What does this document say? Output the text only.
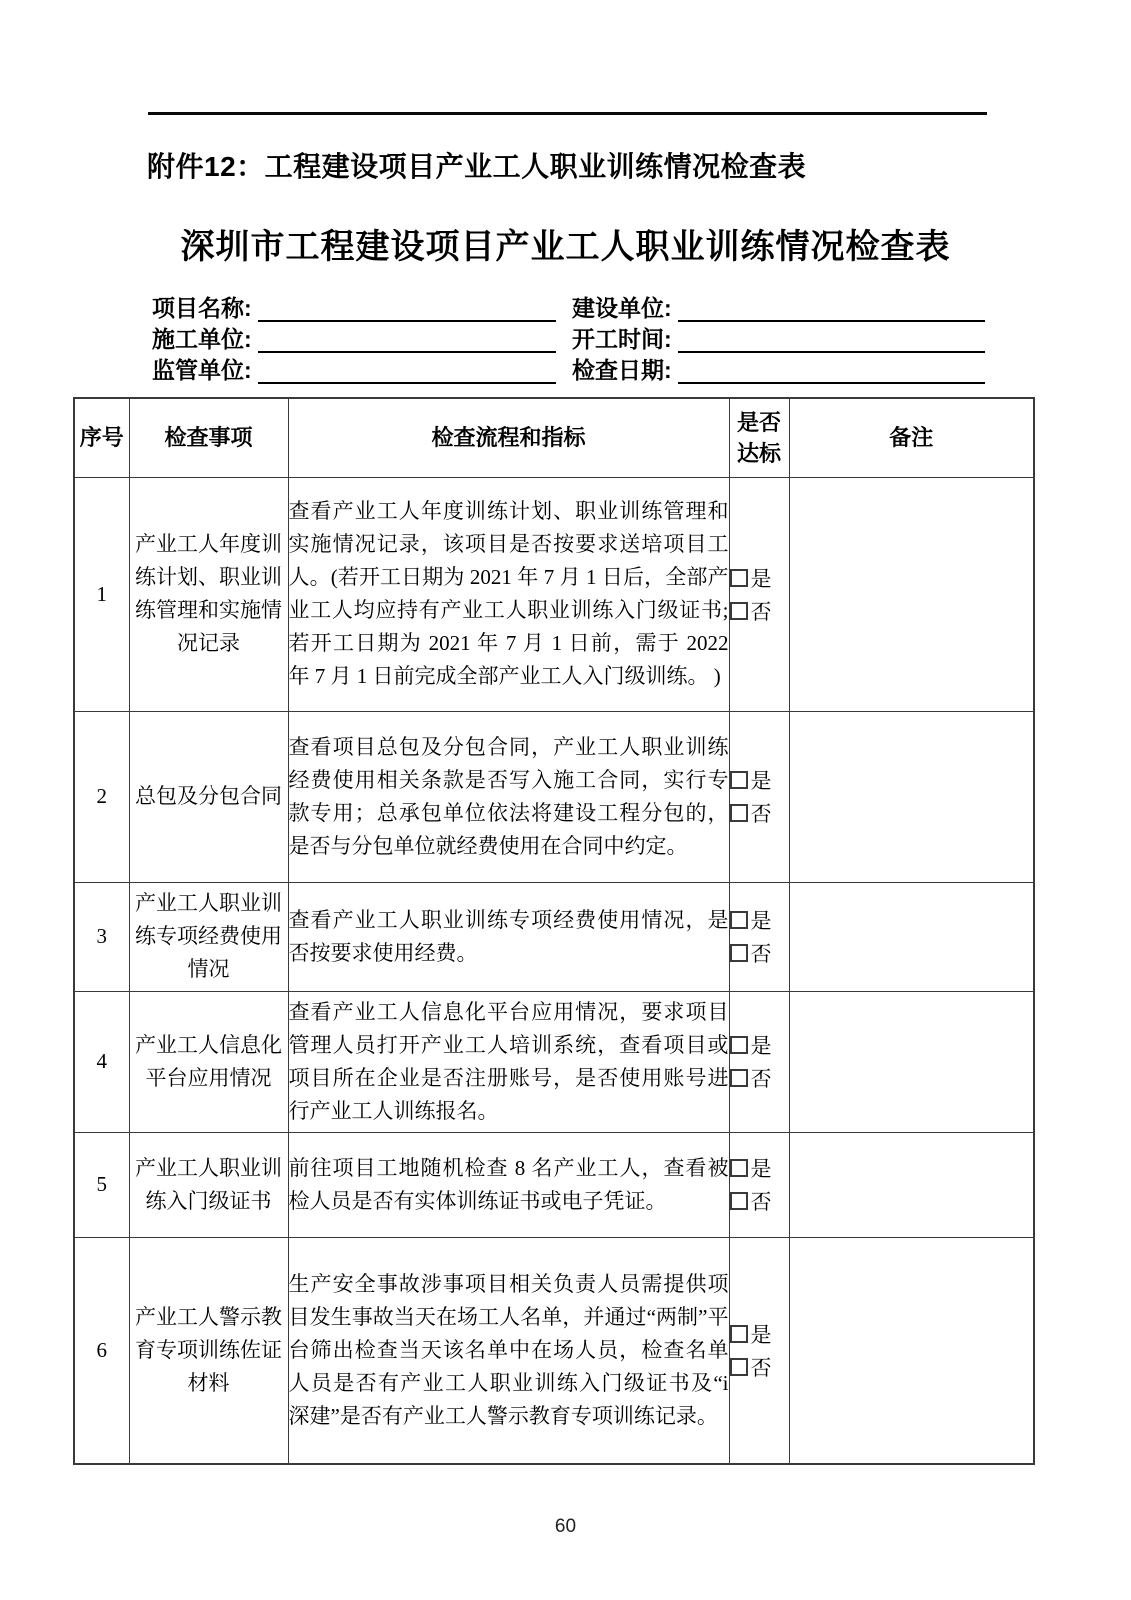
附件12：工程建设项目产业工人职业训练情况检查表
深圳市工程建设项目产业工人职业训练情况检查表
项目名称:	建设单位:
施工单位:	开工时间:
监管单位:	检查日期:
序号	检查事项	检查流程和指标	是否达标	备注
1	产业工人年度训练计划、职业训练管理和实施情况记录	查看产业工人年度训练计划、职业训练管理和实施情况记录，该项目是否按要求送培项目工人。(若开工日期为 2021 年 7 月 1 日后，全部产业工人均应持有产业工人职业训练入门级证书;若开工日期为 2021 年 7 月 1 日前，需于 2022 年 7 月 1 日前完成全部产业工人入门级训练。 )	是
否	

2	总包及分包合同	查看项目总包及分包合同，产业工人职业训练经费使用相关条款是否写入施工合同，实行专款专用；总承包单位依法将建设工程分包的，是否与分包单位就经费使用在合同中约定。	是
否	

3	产业工人职业训练专项经费使用情况	查看产业工人职业训练专项经费使用情况，是否按要求使用经费。	是
否	

4	产业工人信息化平台应用情况	查看产业工人信息化平台应用情况，要求项目管理人员打开产业工人培训系统，查看项目或项目所在企业是否注册账号，是否使用账号进行产业工人训练报名。	是
否	

5	产业工人职业训练入门级证书	前往项目工地随机检查 8 名产业工人，查看被检人员是否有实体训练证书或电子凭证。	是
否	

6	产业工人警示教育专项训练佐证材料	生产安全事故涉事项目相关负责人员需提供项目发生事故当天在场工人名单，并通过“两制”平台筛出检查当天该名单中在场人员，检查名单人员是否有产业工人职业训练入门级证书及“i 深建”是否有产业工人警示教育专项训练记录。	是
否	

60
